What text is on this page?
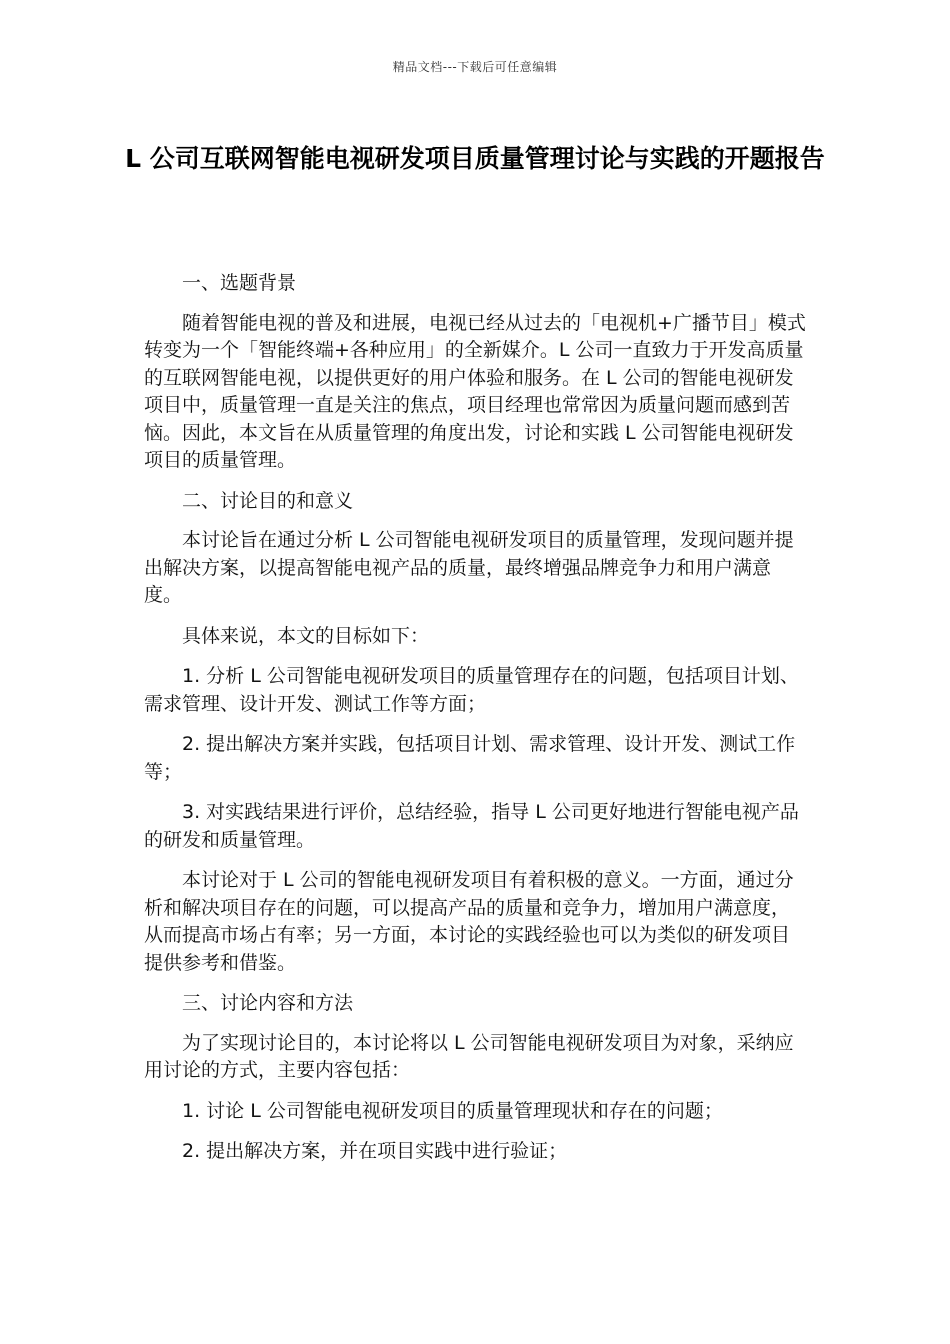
精品文档---下载后可任意编辑
L 公司互联网智能电视研发项目质量管理讨论与实践的开题报告

一、选题背景

随着智能电视的普及和进展，电视已经从过去的「电视机+广播节目」模式转变为一个「智能终端+各种应用」的全新媒介。L 公司一直致力于开发高质量的互联网智能电视，以提供更好的用户体验和服务。在 L 公司的智能电视研发项目中，质量管理一直是关注的焦点，项目经理也常常因为质量问题而感到苦恼。因此，本文旨在从质量管理的角度出发，讨论和实践 L 公司智能电视研发项目的质量管理。

二、讨论目的和意义

本讨论旨在通过分析 L 公司智能电视研发项目的质量管理，发现问题并提出解决方案，以提高智能电视产品的质量，最终增强品牌竞争力和用户满意度。

具体来说，本文的目标如下：

1. 分析 L 公司智能电视研发项目的质量管理存在的问题，包括项目计划、需求管理、设计开发、测试工作等方面；

2. 提出解决方案并实践，包括项目计划、需求管理、设计开发、测试工作等；

3. 对实践结果进行评价，总结经验，指导 L 公司更好地进行智能电视产品的研发和质量管理。

本讨论对于 L 公司的智能电视研发项目有着积极的意义。一方面，通过分析和解决项目存在的问题，可以提高产品的质量和竞争力，增加用户满意度，从而提高市场占有率；另一方面，本讨论的实践经验也可以为类似的研发项目提供参考和借鉴。

三、讨论内容和方法

为了实现讨论目的，本讨论将以 L 公司智能电视研发项目为对象，采纳应用讨论的方式，主要内容包括：

1. 讨论 L 公司智能电视研发项目的质量管理现状和存在的问题；

2. 提出解决方案，并在项目实践中进行验证；
